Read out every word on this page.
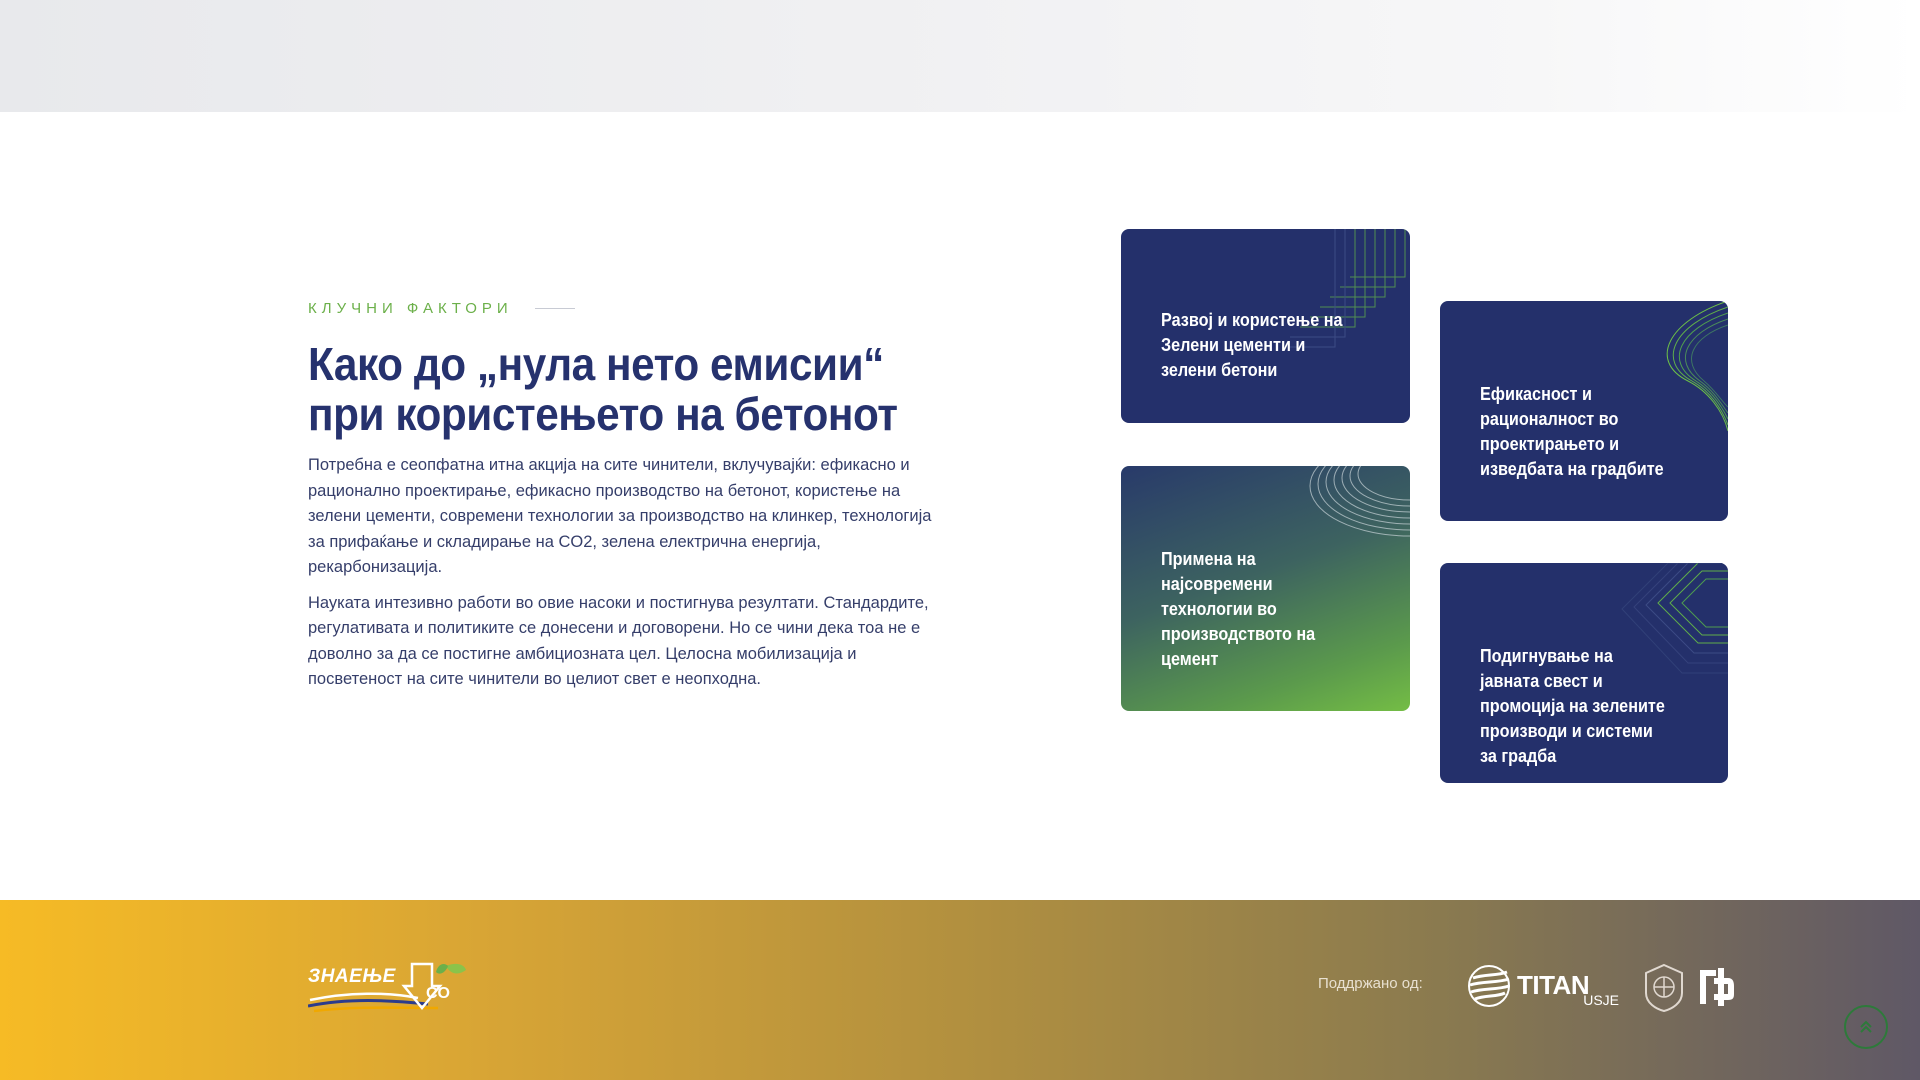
КЛУЧНИ ФАКТОРИ
Како до „нула нето емисии“ при користењето на бетонот

Потребна е сеопфатна итна акција на сите чинители, вклучувајќи: ефикасно и рационално проектирање, ефикасно производство на бетонот, користење на зелени цементи, современи технологии за производство на клинкер, технологија за прифаќање и складирање на CO2, зелена електрична енергија, рекарбонизација.

Науката интезивно работи во овие насоки и постигнува резултати. Стандардите, регулативата и политиките се донесени и договорени. Но се чини дека тоа не е доволно за да се постигне амбициозната цел. Целосна мобилизација и посветеност на сите чинители во целиот свет е неопходна.

Развој и користење на Зелени цементи и зелени бетони
Примена на најсовремени технологии во производството на цемент
Ефикасност и рационалност во проектирањето и изведбата на градбите
Подигнување на јавната свест и промоција на зелените производи и системи за градба
CO
ЗНАЕЊЕ	Поддржано од:	TITAN
USJE
